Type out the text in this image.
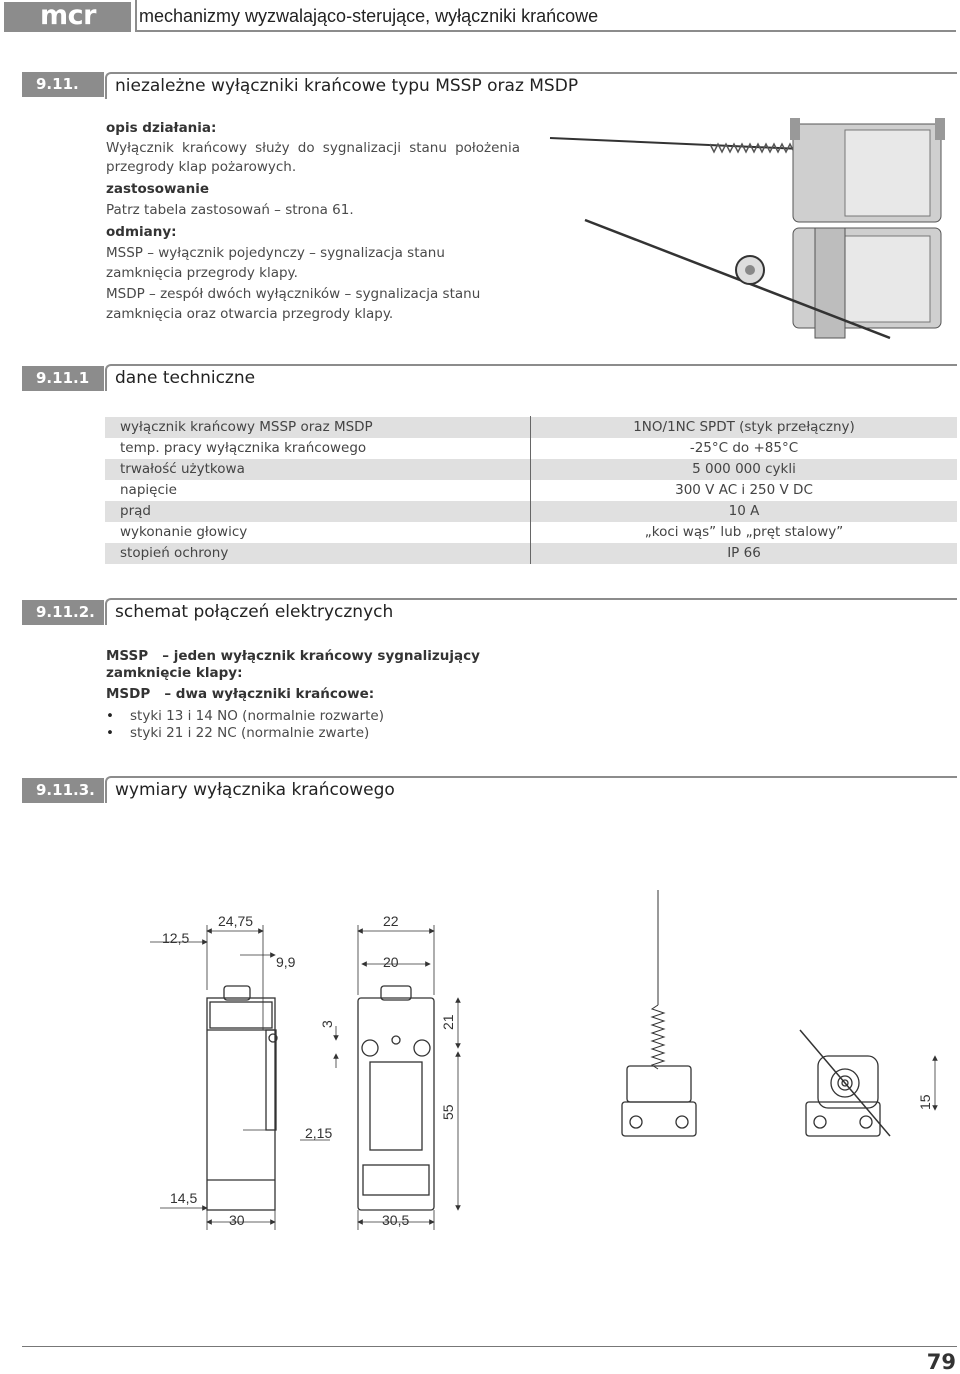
mcr	mechanizmy wyzwalająco-sterujące, wyłączniki krańcowe
9.11.	niezależne wyłączniki krańcowe typu MSSP oraz MSDP
opis działania:
Wyłącznik krańcowy służy do sygnalizacji stanu położenia przegrody klap pożarowych.
zastosowanie
Patrz tabela zastosowań – strona 61.
odmiany:
MSSP – wyłącznik pojedynczy – sygnalizacja stanu zamknięcia przegrody klapy.
MSDP – zespół dwóch wyłączników – sygnalizacja stanu zamknięcia oraz otwarcia przegrody klapy.
9.11.1	dane techniczne
wyłącznik krańcowy MSSP oraz MSDP	1NO/1NC SPDT (styk przełączny)
temp. pracy wyłącznika krańcowego	-25°C do +85°C
trwałość użytkowa	5 000 000 cykli
napięcie	300 V AC i 250 V DC
prąd	10 A
wykonanie głowicy	„koci wąs” lub „pręt stalowy”
stopień ochrony	IP 66
9.11.2.	schemat połączeń elektrycznych
MSSP   – jeden wyłącznik krańcowy sygnalizujący
zamknięcie klapy:
MSDP   – dwa wyłączniki krańcowe:
• styki 13 i 14 NO (normalnie rozwarte)
• styki 21 i 22 NC (normalnie zwarte)
9.11.3.	wymiary wyłącznika krańcowego
12,5
24,75
9,9
2,15
14,5
30
22
20
3	21
55
30,5
15
79
